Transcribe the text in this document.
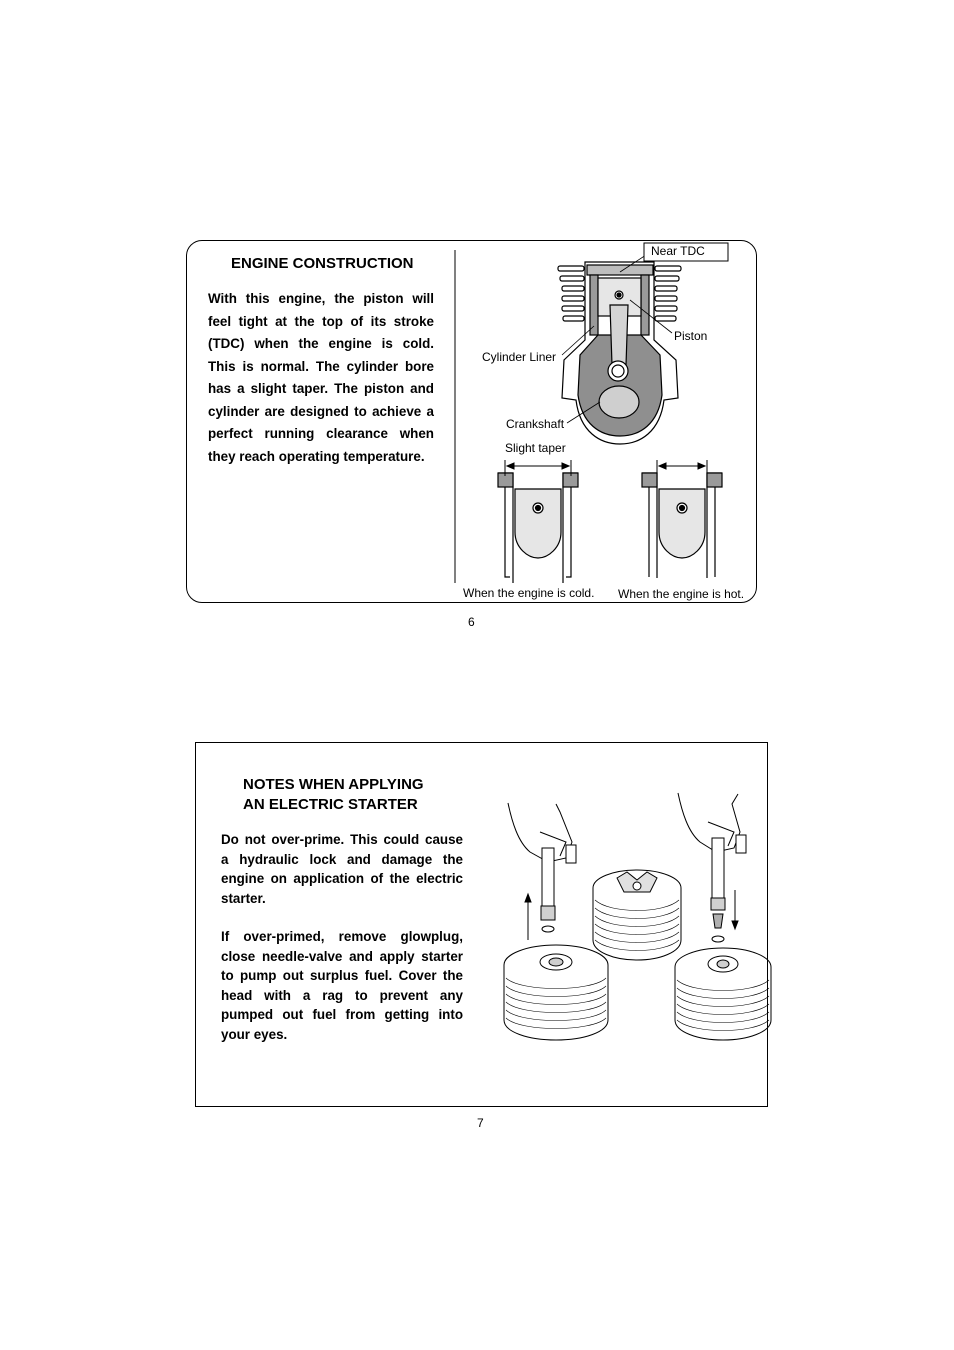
ENGINE CONSTRUCTION
With this engine, the piston will feel tight at the top of its stroke (TDC) when the engine is cold. This is normal. The cylinder bore has a slight taper. The piston and cylinder are designed to achieve a perfect running clearance when they reach operating temperature.
Near TDC
Piston
Cylinder Liner
Crankshaft
Slight taper
When the engine is cold. When the engine is hot.
6
NOTES WHEN APPLYING
AN ELECTRIC STARTER
Do not over-prime. This could cause a hydraulic lock and damage the engine on application of the electric starter.
If over-primed, remove glowplug, close needle-valve and apply starter to pump out surplus fuel. Cover the head with a rag to prevent any pumped out fuel from getting into your eyes.
7
